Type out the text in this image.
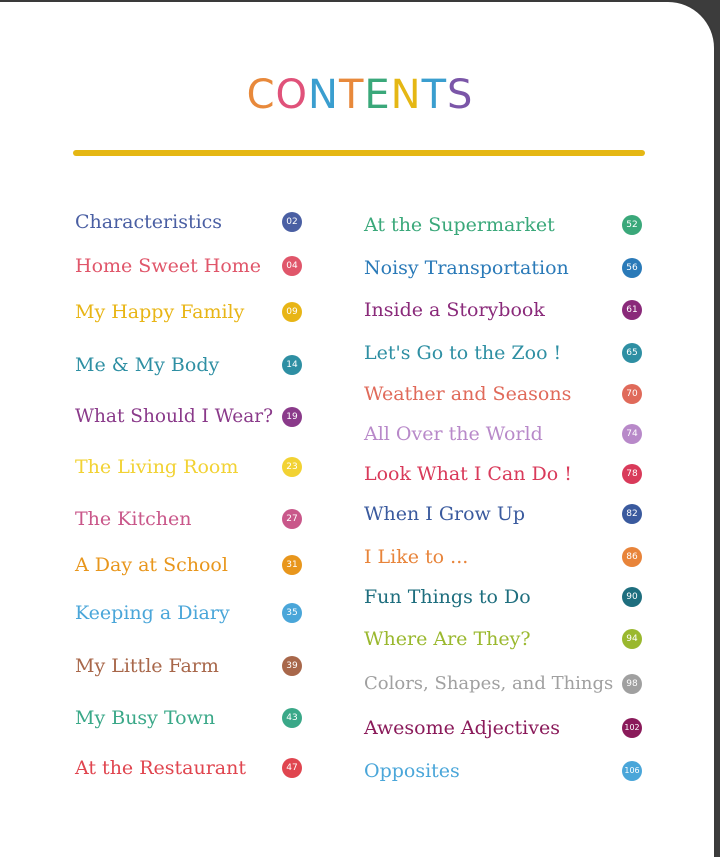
CONTENTS
Characteristics	02
Home Sweet Home	04
My Happy Family	09
Me & My Body	14
What Should I Wear?	19
The Living Room	23
The Kitchen	27
A Day at School	31
Keeping a Diary	35
My Little Farm	39
My Busy Town	43
At the Restaurant	47
At the Supermarket	52
Noisy Transportation	56
Inside a Storybook	61
Let's Go to the Zoo !	65
Weather and Seasons	70
All Over the World	74
Look What I Can Do !	78
When I Grow Up	82
I Like to ...	86
Fun Things to Do	90
Where Are They?	94
Colors, Shapes, and Things	98
Awesome Adjectives	102
Opposites	106
